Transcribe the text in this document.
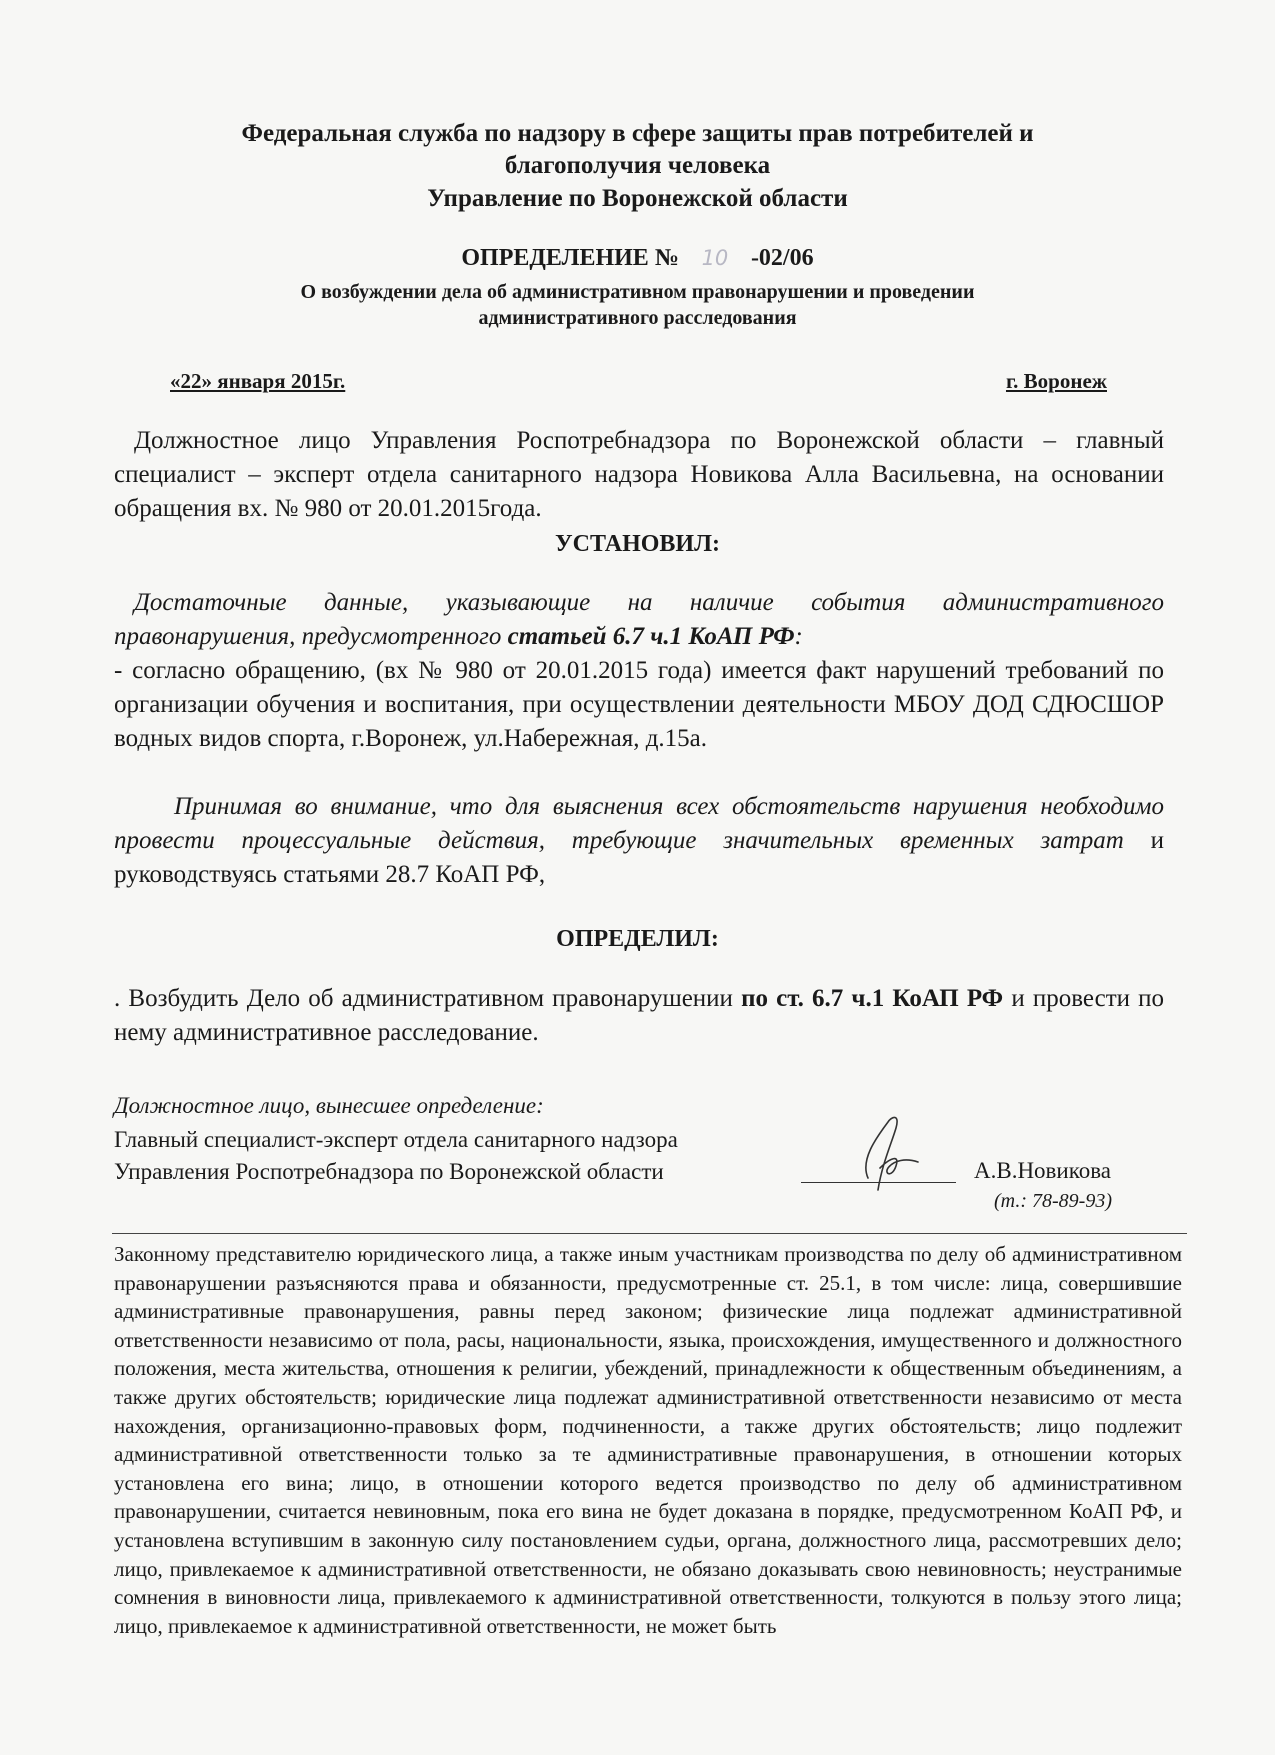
Федеральная служба по надзору в сфере защиты прав потребителей и
благополучия человека
Управление по Воронежской области
ОПРЕДЕЛЕНИЕ № 10 -02/06
О возбуждении дела об административном правонарушении и проведении
административного расследования
«22» января 2015г.	г. Воронеж
Должностное лицо Управления Роспотребнадзора по Воронежской области – главный специалист – эксперт отдела санитарного надзора Новикова Алла Васильевна, на основании обращения вх. № 980 от 20.01.2015года.
УСТАНОВИЛ:
Достаточные данные, указывающие на наличие события административного правонарушения, предусмотренного статьей 6.7 ч.1 КоАП РФ:
- согласно обращению, (вх № 980 от 20.01.2015 года) имеется факт нарушений требований по организации обучения и воспитания, при осуществлении деятельности МБОУ ДОД СДЮСШОР водных видов спорта, г.Воронеж, ул.Набережная, д.15а.
Принимая во внимание, что для выяснения всех обстоятельств нарушения необходимо провести процессуальные действия, требующие значительных временных затрат и руководствуясь статьями 28.7 КоАП РФ,
ОПРЕДЕЛИЛ:
. Возбудить Дело об административном правонарушении по ст. 6.7 ч.1 КоАП РФ и провести по нему административное расследование.
Должностное лицо, вынесшее определение:
Главный специалист-эксперт отдела санитарного надзора
Управления Роспотребнадзора по Воронежской области	А.В.Новикова
(т.: 78-89-93)
Законному представителю юридического лица, а также иным участникам производства по делу об административном правонарушении разъясняются права и обязанности, предусмотренные ст. 25.1, в том числе: лица, совершившие административные правонарушения, равны перед законом; физические лица подлежат административной ответственности независимо от пола, расы, национальности, языка, происхождения, имущественного и должностного положения, места жительства, отношения к религии, убеждений, принадлежности к общественным объединениям, а также других обстоятельств; юридические лица подлежат административной ответственности независимо от места нахождения, организационно-правовых форм, подчиненности, а также других обстоятельств; лицо подлежит административной ответственности только за те административные правонарушения, в отношении которых установлена его вина; лицо, в отношении которого ведется производство по делу об административном правонарушении, считается невиновным, пока его вина не будет доказана в порядке, предусмотренном КоАП РФ, и установлена вступившим в законную силу постановлением судьи, органа, должностного лица, рассмотревших дело; лицо, привлекаемое к административной ответственности, не обязано доказывать свою невиновность; неустранимые сомнения в виновности лица, привлекаемого к административной ответственности, толкуются в пользу этого лица; лицо, привлекаемое к административной ответственности, не может быть
